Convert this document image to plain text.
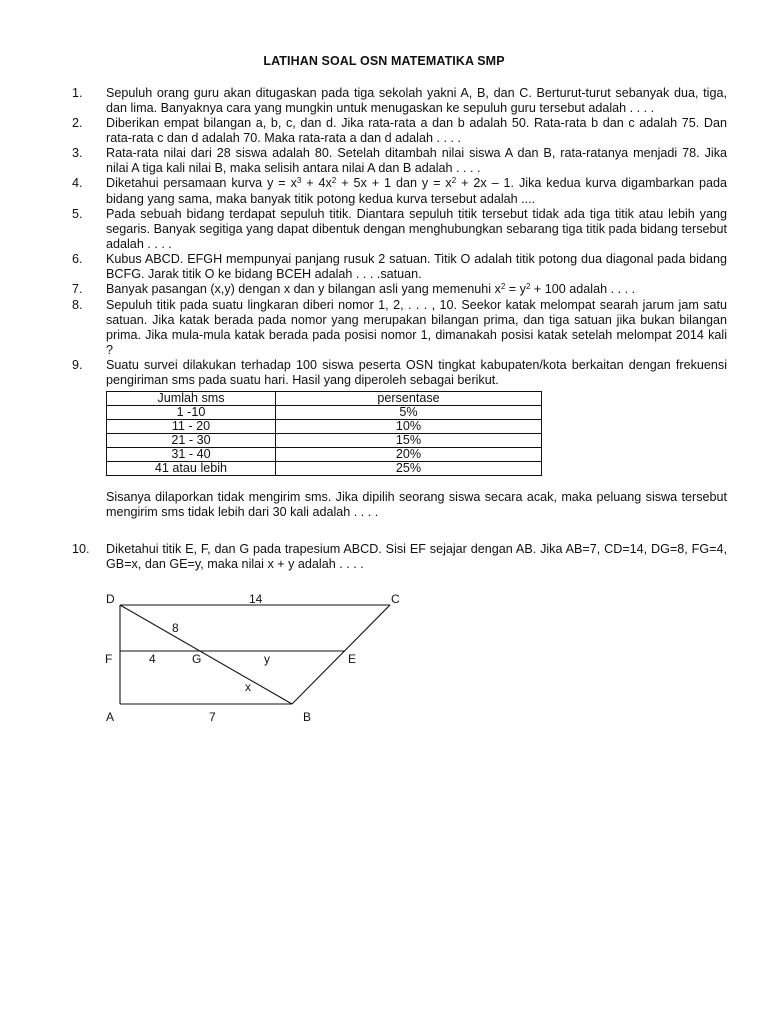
LATIHAN SOAL OSN MATEMATIKA SMP
1.	Sepuluh orang guru akan ditugaskan pada tiga sekolah yakni A, B, dan C. Berturut-turut sebanyak dua, tiga, dan lima. Banyaknya cara yang mungkin untuk menugaskan ke sepuluh guru tersebut adalah . . . .
2.	Diberikan empat bilangan a, b, c, dan d. Jika rata-rata a dan b adalah 50. Rata-rata b dan c adalah 75. Dan rata-rata c dan d adalah 70. Maka rata-rata a dan d adalah . . . .
3.	Rata-rata nilai dari 28 siswa adalah 80. Setelah ditambah nilai siswa A dan B, rata-ratanya menjadi 78. Jika nilai A tiga kali nilai B, maka selisih antara nilai A dan B adalah . . . .
4.	Diketahui persamaan kurva $y = x^3 + 4x^2 + 5x + 1$ dan $y = x^2 + 2x - 1$. Jika kedua kurva digambarkan pada bidang yang sama, maka banyak titik potong kedua kurva tersebut adalah ....
5.	Pada sebuah bidang terdapat sepuluh titik. Diantara sepuluh titik tersebut tidak ada tiga titik atau lebih yang segaris. Banyak segitiga yang dapat dibentuk dengan menghubungkan sebarang tiga titik pada bidang tersebut adalah . . . .
6.	Kubus ABCD. EFGH mempunyai panjang rusuk 2 satuan. Titik O adalah titik potong dua diagonal pada bidang BCFG. Jarak titik O ke bidang BCEH adalah . . . .satuan.
7.	Banyak pasangan (x,y) dengan x dan y bilangan asli yang memenuhi $x^2 = y^2 + 100$ adalah . . . .
8.	Sepuluh titik pada suatu lingkaran diberi nomor 1, 2, . . . , 10. Seekor katak melompat searah jarum jam satu satuan. Jika katak berada pada nomor yang merupakan bilangan prima, dan tiga satuan jika bukan bilangan prima. Jika mula-mula katak berada pada posisi nomor 1, dimanakah posisi katak setelah melompat 2014 kali ?
9.	Suatu survei dilakukan terhadap 100 siswa peserta OSN tingkat kabupaten/kota berkaitan dengan frekuensi pengiriman sms pada suatu hari. Hasil yang diperoleh sebagai berikut.
Jumlah sms	persentase
1 -10	5%
11 - 20	10%
21 - 30	15%
31 - 40	20%
41 atau lebih	25%
Sisanya dilaporkan tidak mengirim sms. Jika dipilih seorang siswa secara acak, maka peluang siswa tersebut mengirim sms tidak lebih dari 30 kali adalah . . . .
10.	Diketahui titik E, F, dan G pada trapesium ABCD. Sisi EF sejajar dengan AB. Jika AB=7, CD=14, DG=8, FG=4, GB=x, dan GE=y, maka nilai x + y adalah . . . .
D	C
F	G	E
A	B
14
8
4	y
x
7
